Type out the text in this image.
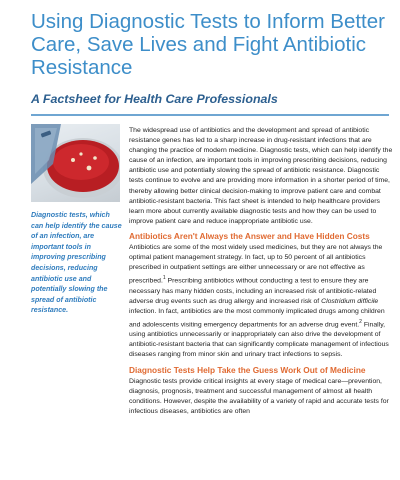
Using Diagnostic Tests to Inform Better Care, Save Lives and Fight Antibiotic Resistance
A Factsheet for Health Care Professionals

Diagnostic tests, which can help identify the cause of an infection, are important tools in improving prescribing decisions, reducing antibiotic use and potentially slowing the spread of antibiotic resistance.

The widespread use of antibiotics and the development and spread of antibiotic resistance genes has led to a sharp increase in drug-resistant infections that are changing the practice of modern medicine. Diagnostic tests, which can help identify the cause of an infection, are important tools in improving prescribing decisions, reducing antibiotic use and potentially slowing the spread of antibiotic resistance. Diagnostic tests continue to evolve and are providing more information in a shorter period of time, thereby allowing better clinical decision-making to improve patient care and combat antibiotic-resistant bacteria. This fact sheet is intended to help healthcare providers learn more about currently available diagnostic tests and how they can be used to improve patient care and reduce inappropriate antibiotic use.

Antibiotics Aren't Always the Answer and Have Hidden Costs

Antibiotics are some of the most widely used medicines, but they are not always the optimal patient management strategy. In fact, up to 50 percent of all antibiotics prescribed in outpatient settings are either unnecessary or are not effective as prescribed.$^1$ Prescribing antibiotics without conducting a test to ensure they are necessary has many hidden costs, including an increased risk of antibiotic-related adverse drug events such as drug allergy and increased risk of Clostridium difficile infection. In fact, antibiotics are the most commonly implicated drugs among children and adolescents visiting emergency departments for an adverse drug event.$^2$ Finally, using antibiotics unnecessarily or inappropriately can also drive the development of antibiotic-resistant bacteria that can significantly complicate management of infectious diseases ranging from minor skin and urinary tract infections to sepsis.

Diagnostic Tests Help Take the Guess Work Out of Medicine

Diagnostic tests provide critical insights at every stage of medical care—prevention, diagnosis, prognosis, treatment and successful management of almost all health conditions. However, despite the availability of a variety of rapid and accurate tests for infectious diseases, antibiotics are often
